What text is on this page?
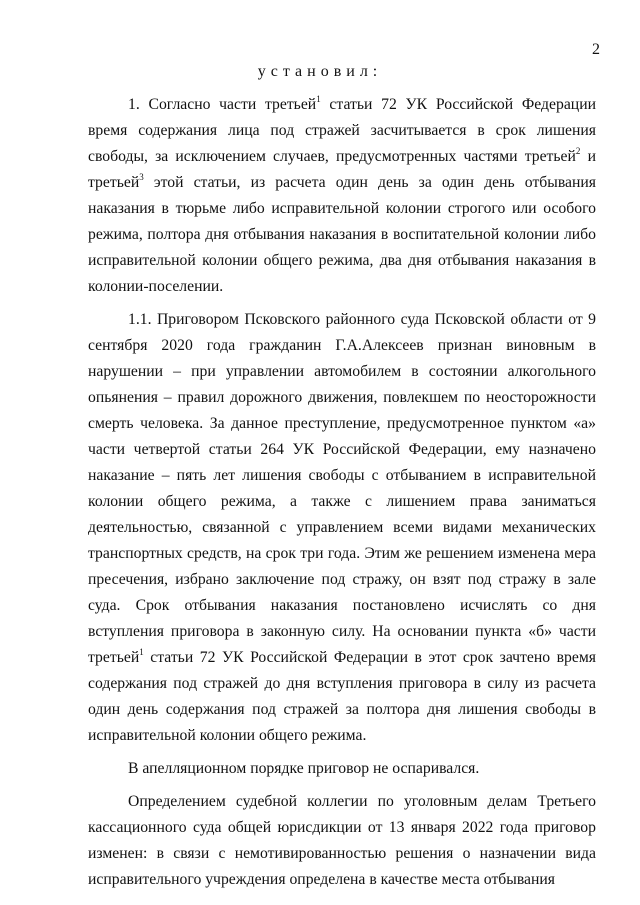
2
установил:

1. Согласно части третьей$^1$ статьи 72 УК Российской Федерации время содержания лица под стражей засчитывается в срок лишения свободы, за исключением случаев, предусмотренных частями третьей$^2$ и третьей$^3$ этой статьи, из расчета один день за один день отбывания наказания в тюрьме либо исправительной колонии строгого или особого режима, полтора дня отбывания наказания в воспитательной колонии либо исправительной колонии общего режима, два дня отбывания наказания в колонии-поселении.

1.1. Приговором Псковского районного суда Псковской области от 9 сентября 2020 года гражданин Г.А.Алексеев признан виновным в нарушении – при управлении автомобилем в состоянии алкогольного опьянения – правил дорожного движения, повлекшем по неосторожности смерть человека. За данное преступление, предусмотренное пунктом «а» части четвертой статьи 264 УК Российской Федерации, ему назначено наказание – пять лет лишения свободы с отбыванием в исправительной колонии общего режима, а также с лишением права заниматься деятельностью, связанной с управлением всеми видами механических транспортных средств, на срок три года. Этим же решением изменена мера пресечения, избрано заключение под стражу, он взят под стражу в зале суда. Срок отбывания наказания постановлено исчислять со дня вступления приговора в законную силу. На основании пункта «б» части третьей$^1$ статьи 72 УК Российской Федерации в этот срок зачтено время содержания под стражей до дня вступления приговора в силу из расчета один день содержания под стражей за полтора дня лишения свободы в исправительной колонии общего режима.

В апелляционном порядке приговор не оспаривался.

Определением судебной коллегии по уголовным делам Третьего кассационного суда общей юрисдикции от 13 января 2022 года приговор изменен: в связи с немотивированностью решения о назначении вида исправительного учреждения определена в качестве места отбывания
